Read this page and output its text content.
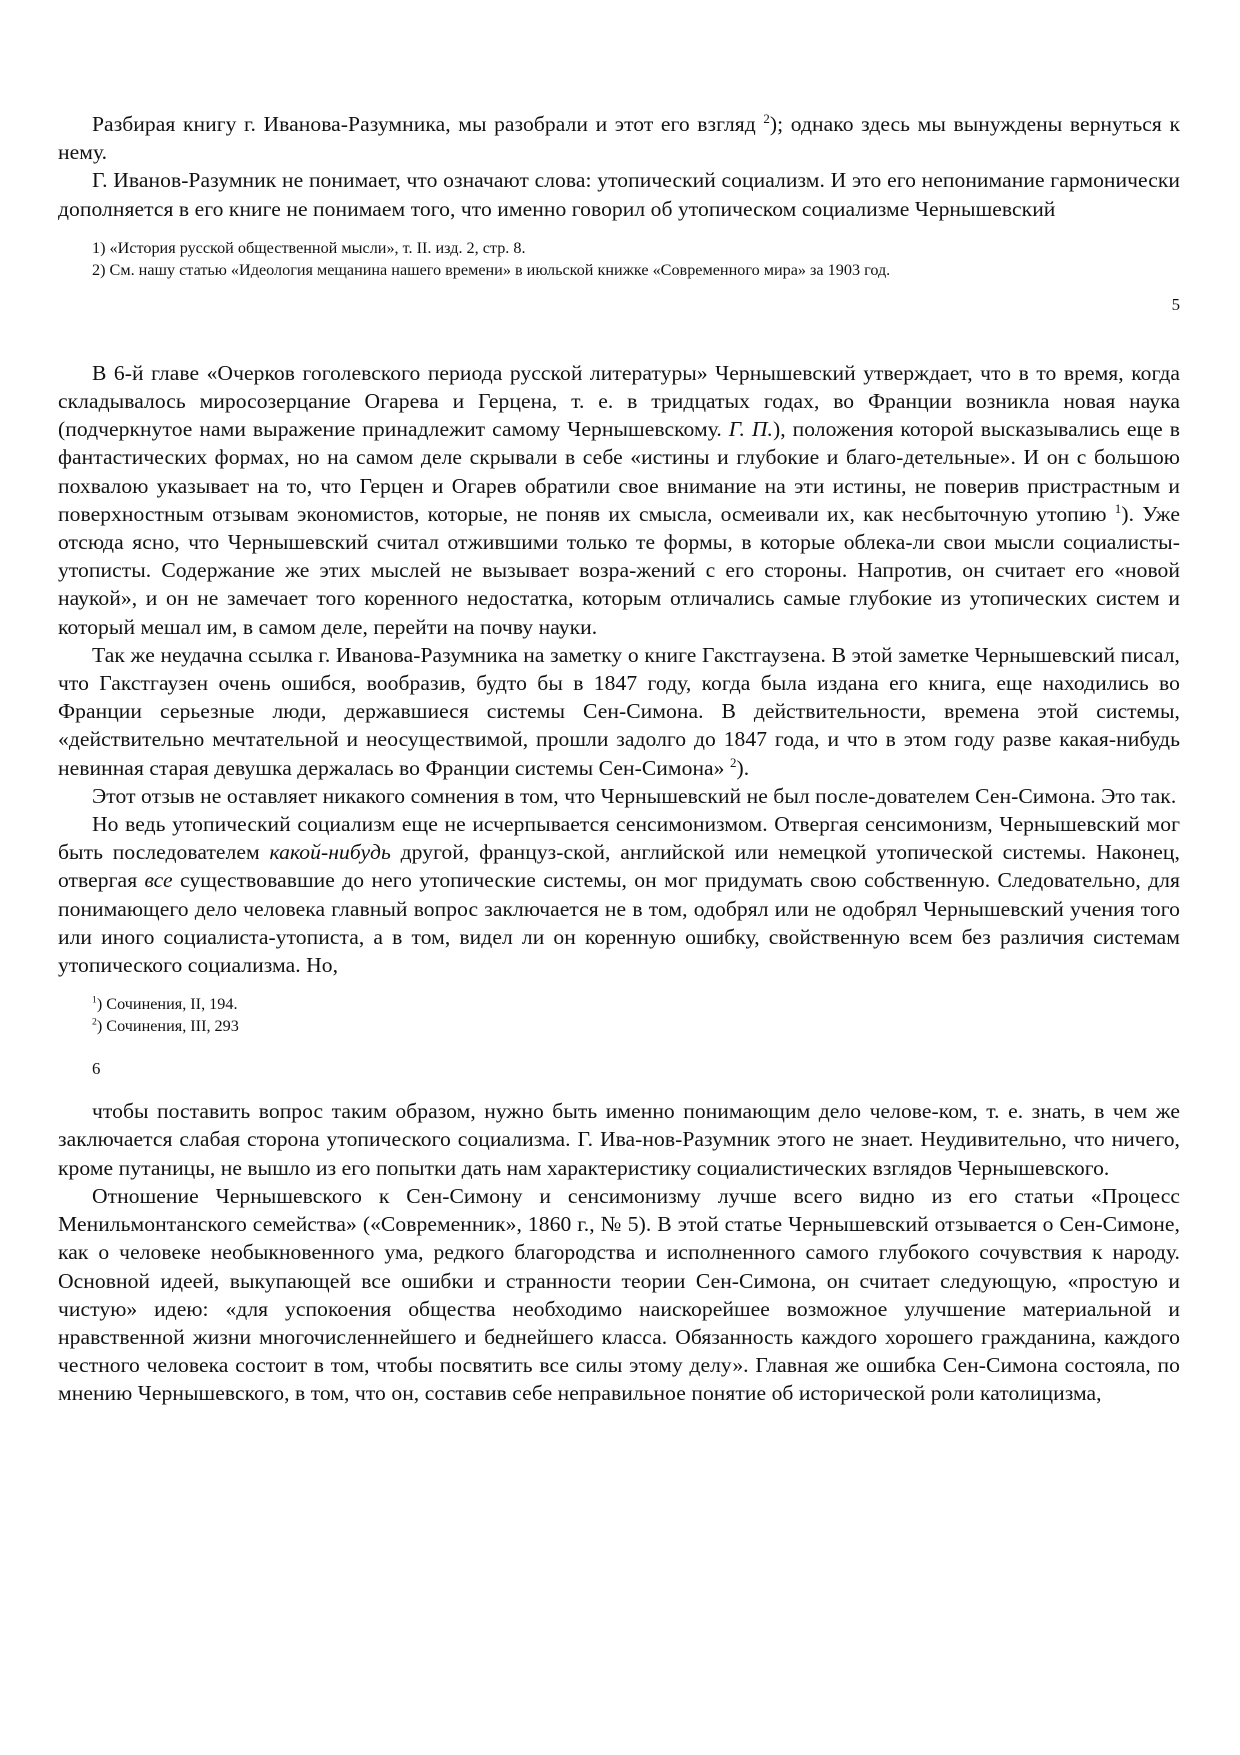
Разбирая книгу г. Иванова-Разумника, мы разобрали и этот его взгляд $^2$); однако здесь мы вынуждены вернуться к нему.

Г. Иванов-Разумник не понимает, что означают слова: утопический социализм. И это его непонимание гармонически дополняется в его книге не понимаем того, что именно говорил об утопическом социализме Чернышевский

1) «История русской общественной мысли», т. II. изд. 2, стр. 8.

2) См. нашу статью «Идеология мещанина нашего времени» в июльской книжке «Современного мира» за 1903 год.

5

В 6-й главе «Очерков гоголевского периода русской литературы» Чернышевский утверждает, что в то время, когда складывалось миросозерцание Огарева и Герцена, т. е. в тридцатых годах, во Франции возникла новая наука (подчеркнутое нами выражение принадлежит самому Чернышевскому. Г. П.), положения которой высказывались еще в фантастических формах, но на самом деле скрывали в себе «истины и глубокие и благо-детельные». И он с большою похвалою указывает на то, что Герцен и Огарев обратили свое внимание на эти истины, не поверив пристрастным и поверхностным отзывам экономистов, которые, не поняв их смысла, осмеивали их, как несбыточную утопию $^1$). Уже отсюда ясно, что Чернышевский считал отжившими только те формы, в которые облека-ли свои мысли социалисты-утописты. Содержание же этих мыслей не вызывает возра-жений с его стороны. Напротив, он считает его «новой наукой», и он не замечает того коренного недостатка, которым отличались самые глубокие из утопических систем и который мешал им, в самом деле, перейти на почву науки.

Так же неудачна ссылка г. Иванова-Разумника на заметку о книге Гакстгаузена. В этой заметке Чернышевский писал, что Гакстгаузен очень ошибся, вообразив, будто бы в 1847 году, когда была издана его книга, еще находились во Франции серьезные люди, державшиеся системы Сен-Симона. В действительности, времена этой системы, «действительно мечтательной и неосуществимой, прошли задолго до 1847 года, и что в этом году разве какая-нибудь невинная старая девушка держалась во Франции системы Сен-Симона» $^2$).

Этот отзыв не оставляет никакого сомнения в том, что Чернышевский не был после-дователем Сен-Симона. Это так.

Но ведь утопический социализм еще не исчерпывается сенсимонизмом. Отвергая сенсимонизм, Чернышевский мог быть последователем какой-нибудь другой, француз-ской, английской или немецкой утопической системы. Наконец, отвергая все существовавшие до него утопические системы, он мог придумать свою собственную. Следовательно, для понимающего дело человека главный вопрос заключается не в том, одобрял или не одобрял Чернышевский учения того или иного социалиста-утописта, а в том, видел ли он коренную ошибку, свойственную всем без различия системам утопического социализма. Но,

$^1$) Сочинения, II, 194.

$^2$) Сочинения, III, 293

6

чтобы поставить вопрос таким образом, нужно быть именно понимающим дело челове-ком, т. е. знать, в чем же заключается слабая сторона утопического социализма. Г. Ива-нов-Разумник этого не знает. Неудивительно, что ничего, кроме путаницы, не вышло из его попытки дать нам характеристику социалистических взглядов Чернышевского.

Отношение Чернышевского к Сен-Симону и сенсимонизму лучше всего видно из его статьи «Процесс Менильмонтанского семейства» («Современник», 1860 г., № 5). В этой статье Чернышевский отзывается о Сен-Симоне, как о человеке необыкновенного ума, редкого благородства и исполненного самого глубокого сочувствия к народу. Основной идеей, выкупающей все ошибки и странности теории Сен-Симона, он считает следующую, «простую и чистую» идею: «для успокоения общества необходимо наискорейшее возможное улучшение материальной и нравственной жизни многочисленнейшего и беднейшего класса. Обязанность каждого хорошего гражданина, каждого честного человека состоит в том, чтобы посвятить все силы этому делу». Главная же ошибка Сен-Симона состояла, по мнению Чернышевского, в том, что он, составив себе неправильное понятие об исторической роли католицизма,
